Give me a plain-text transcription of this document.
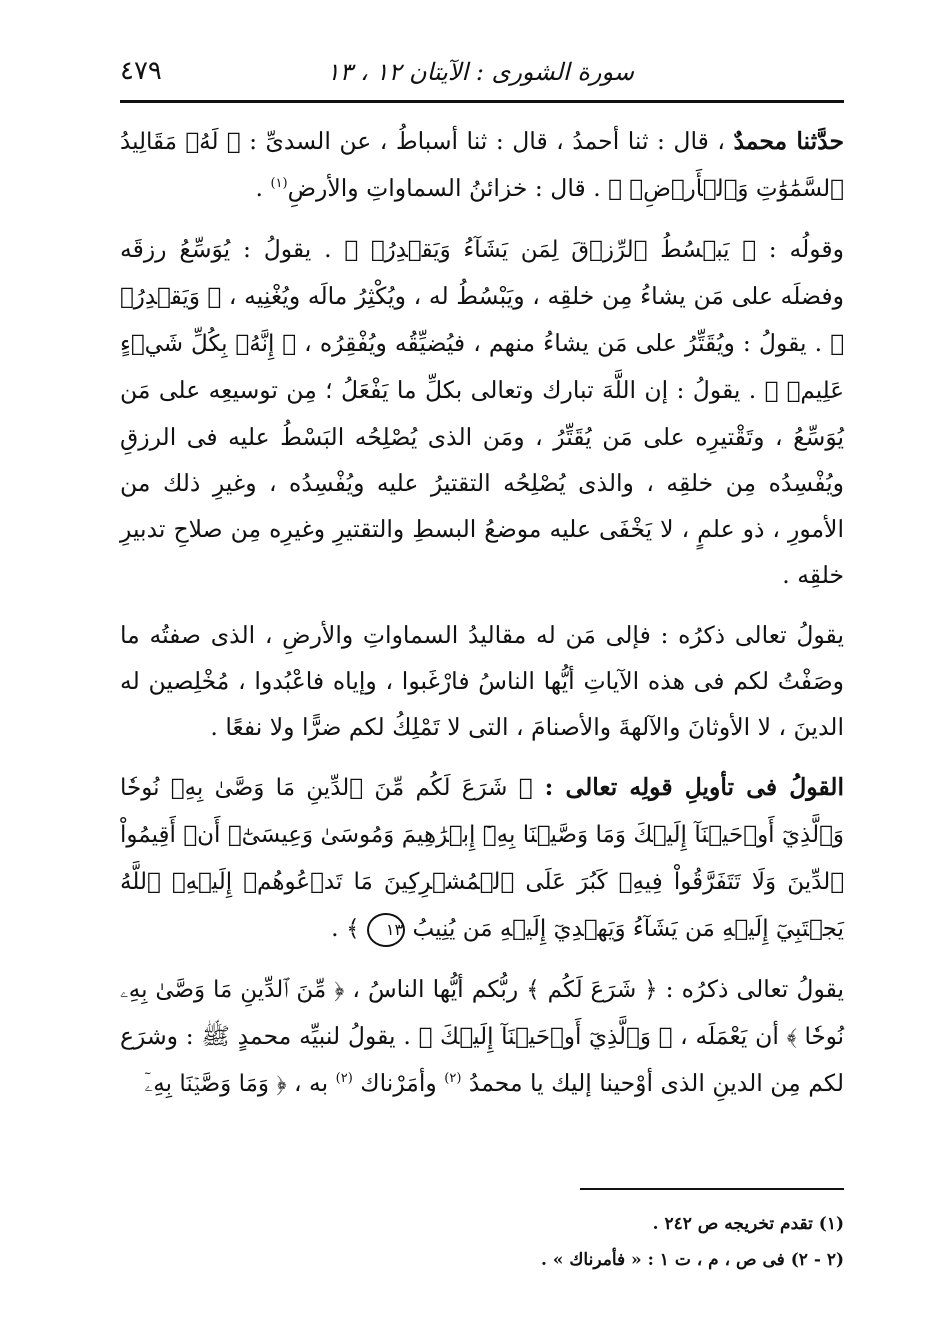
سورة الشورى : الآيتان ١٢ ، ١٣
٤٧٩

حدَّثنا محمدٌ ، قال : ثنا أحمدُ ، قال : ثنا أسباطُ ، عن السدىِّ : ﴿ لَهُۥ مَقَالِيدُ ٱلسَّمَٰوَٰتِ وَٱلۡأَرۡضِۖ ﴾ . قال : خزائنُ السماواتِ والأرضِ$^{(١)}$ .

وقولُه : ﴿ يَبۡسُطُ ٱلرِّزۡقَ لِمَن يَشَآءُ وَيَقۡدِرُۚ ﴾ . يقولُ : يُوَسِّعُ رزقَه وفضلَه على مَن يشاءُ مِن خلقِه ، ويَبْسُطُ له ، ويُكْثِرُ مالَه ويُغْنِيه ، ﴿ وَيَقۡدِرُۚ ﴾ . يقولُ : ويُقَتِّرُ على مَن يشاءُ منهم ، فيُضيِّقُه ويُفْقِرُه ، ﴿ إِنَّهُۥ بِكُلِّ شَيۡءٍ عَلِيمٞ ﴾ . يقولُ : إن اللَّهَ تبارك وتعالى بكلِّ ما يَفْعَلُ ؛ مِن توسيعِه على مَن يُوَسِّعُ ، وتَقْتيرِه على مَن يُقَتِّرُ ، ومَن الذى يُصْلِحُه البَسْطُ عليه فى الرزقِ ويُفْسِدُه مِن خلقِه ، والذى يُصْلِحُه التقتيرُ عليه ويُفْسِدُه ، وغيرِ ذلك من الأمورِ ، ذو علمٍ ، لا يَخْفَى عليه موضعُ البسطِ والتقتيرِ وغيرِه مِن صلاحِ تدبيرِ خلقِه .

يقولُ تعالى ذكرُه : فإلى مَن له مقاليدُ السماواتِ والأرضِ ، الذى صفتُه ما وصَفْتُ لكم فى هذه الآياتِ أيُّها الناسُ فارْغَبوا ، وإياه فاعْبُدوا ، مُخْلِصين له الدينَ ، لا الأوثانَ والآلهةَ والأصنامَ ، التى لا تَمْلِكُ لكم ضرًّا ولا نفعًا .

القولُ فى تأويلِ قولِه تعالى : ﴿ شَرَعَ لَكُم مِّنَ ٱلدِّينِ مَا وَصَّىٰ بِهِۦ نُوحٗا وَٱلَّذِيٓ أَوۡحَيۡنَآ إِلَيۡكَ وَمَا وَصَّيۡنَا بِهِۦٓ إِبۡرَٰهِيمَ وَمُوسَىٰ وَعِيسَىٰٓۖ أَنۡ أَقِيمُواْ ٱلدِّينَ وَلَا تَتَفَرَّقُواْ فِيهِۚ كَبُرَ عَلَى ٱلۡمُشۡرِكِينَ مَا تَدۡعُوهُمۡ إِلَيۡهِۚ ٱللَّهُ يَجۡتَبِيٓ إِلَيۡهِ مَن يَشَآءُ وَيَهۡدِيٓ إِلَيۡهِ مَن يُنِيبُ ١٣ ﴾ .

يقولُ تعالى ذكرُه : ﴿ شَرَعَ لَكُم ﴾ ربُّكم أيُّها الناسُ ، ﴿ مِّنَ ٱلدِّينِ مَا وَصَّىٰ بِهِۦ نُوحٗا ﴾ أن يَعْمَلَه ، ﴿ وَٱلَّذِيٓ أَوۡحَيۡنَآ إِلَيۡكَ ﴾ . يقولُ لنبيِّه محمدٍ ﷺ : وشرَع لكم مِن الدينِ الذى أوْحينا إليك يا محمدُ $^{(٢)}$ وأمَرْناك $^{(٢)}$ به ، ﴿ وَمَا وَصَّيۡنَا بِهِۦٓ

(١) تقدم تخريجه ص ٢٤٢ .
(٢ - ٢) فى ص ، م ، ت ١ : « فأمرناك » .
